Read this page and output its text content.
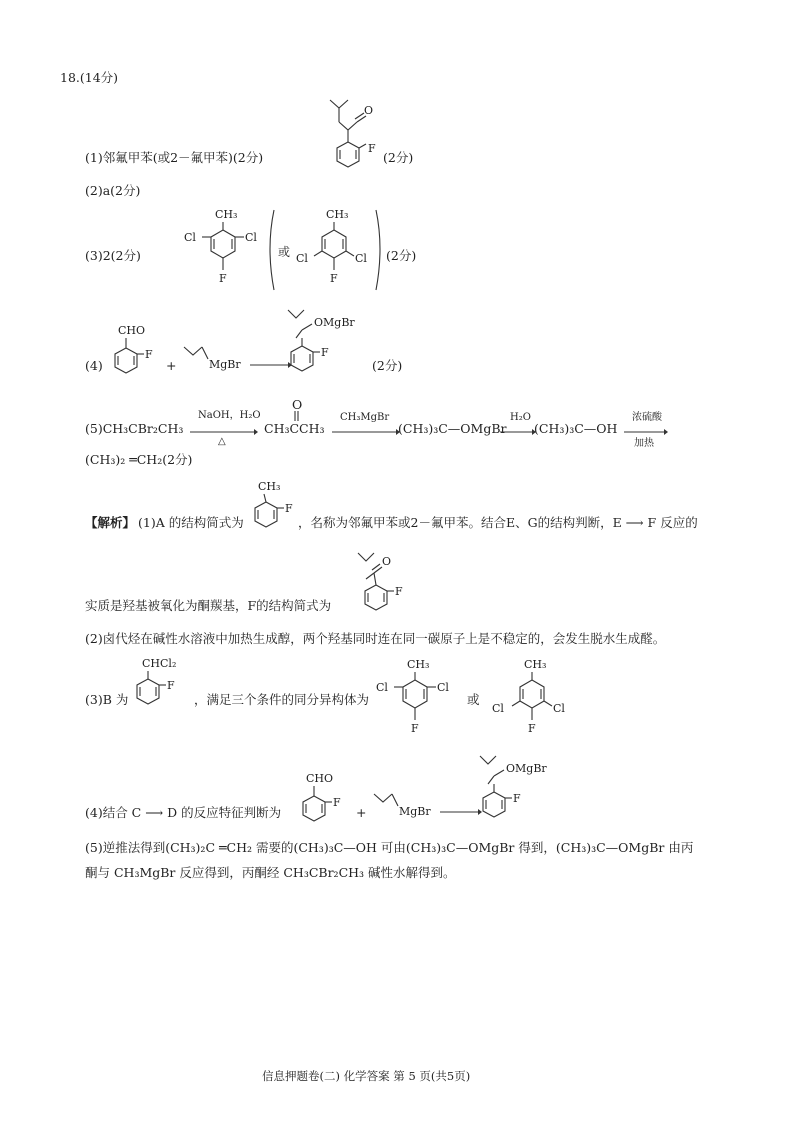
18.(14分)
(1)邻氟甲苯(或2－氟甲苯)(2分)
O
F
(2分)
(2)a(2分)
(3)2(2分)
CH₃
Cl	Cl
F
或
CH₃
Cl	Cl
F
(2分)
(4)
CHO
F
+	MgBr →
OMgBr
F
(2分)
(5)CH₃CBr₂CH₃
NaOH，H₂O
△
O
CH₃CCH₃
CH₃MgBr
(CH₃)₃C—OMgBr
H₂O
(CH₃)₃C—OH
浓硫酸
加热
(CH₃)₂ ═CH₂(2分)
【解析】 (1)A 的结构简式为
CH₃
F
，名称为邻氟甲苯或2－氟甲苯。结合E、G的结构判断，E ⟶ F 反应的
实质是羟基被氧化为酮羰基，F的结构简式为
O
F
(2)卤代烃在碱性水溶液中加热生成醇，两个羟基同时连在同一碳原子上是不稳定的，会发生脱水生成醛。
(3)B 为
CHCl₂
F
，满足三个条件的同分异构体为
CH₃
Cl	Cl
F
或
CH₃
Cl	Cl
F
(4)结合 C ⟶ D 的反应特征判断为
CHO
F
+	MgBr →
OMgBr
F
(5)逆推法得到(CH₃)₂C ═CH₂ 需要的(CH₃)₃C—OH 可由(CH₃)₃C—OMgBr 得到，(CH₃)₃C—OMgBr 由丙
酮与 CH₃MgBr 反应得到，丙酮经 CH₃CBr₂CH₃ 碱性水解得到。
信息押题卷(二) 化学答案 第 5 页(共5页)
